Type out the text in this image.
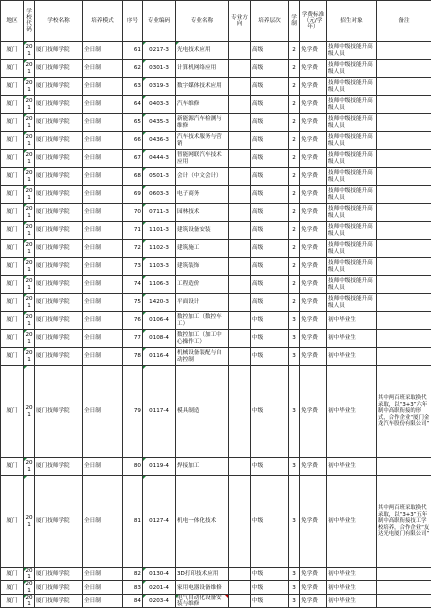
地区	学校代码	学校名称	培养模式	序号	专业编码	专业名称	专业方向	培养层次	学制	学费标准（元/学年）	招生对象	备注
厦门	201	厦门技师学院	全日制	61	0217-3	光电技术应用		高级	2	免学费	技师中级技能升高级人员	
厦门	201	厦门技师学院	全日制	62	0301-3	计算机网络应用		高级	2	免学费	技师中级技能升高级人员	
厦门	201	厦门技师学院	全日制	63	0319-3	数字媒体技术应用		高级	2	免学费	技师中级技能升高级人员	
厦门	201	厦门技师学院	全日制	64	0403-3	汽车维修		高级	2	免学费	技师中级技能升高级人员	
厦门	201	厦门技师学院	全日制	65	0435-3	新能源汽车检测与维修		高级	2	免学费	技师中级技能升高级人员	
厦门	201	厦门技师学院	全日制	66	0436-3	汽车技术服务与营销		高级	2	免学费	技师中级技能升高级人员	
厦门	201	厦门技师学院	全日制	67	0444-3	智能网联汽车技术应用		高级	2	免学费	技师中级技能升高级人员	
厦门	201	厦门技师学院	全日制	68	0501-3	会计（中文会计）		高级	2	免学费	技师中级技能升高级人员	
厦门	201	厦门技师学院	全日制	69	0603-3	电子商务		高级	2	免学费	技师中级技能升高级人员	
厦门	201	厦门技师学院	全日制	70	0711-3	园林技术		高级	2	免学费	技师中级技能升高级人员	
厦门	201	厦门技师学院	全日制	71	1101-3	建筑设备安装		高级	2	免学费	技师中级技能升高级人员	
厦门	201	厦门技师学院	全日制	72	1102-3	建筑施工		高级	2	免学费	技师中级技能升高级人员	
厦门	201	厦门技师学院	全日制	73	1103-3	建筑装饰		高级	2	免学费	技师中级技能升高级人员	
厦门	201	厦门技师学院	全日制	74	1106-3	工程造价		高级	2	免学费	技师中级技能升高级人员	
厦门	201	厦门技师学院	全日制	75	1420-3	平面设计		高级	2	免学费	技师中级技能升高级人员	
厦门	201	厦门技师学院	全日制	76	0106-4	数控加工（数控车工）		中级	3	免学费	初中毕业生	
厦门	201	厦门技师学院	全日制	77	0108-4	数控加工（加工中心操作工）		中级	3	免学费	初中毕业生	
厦门	201	厦门技师学院	全日制	78	0116-4	机械设备装配与自动控制		中级	3	免学费	初中毕业生	
厦门	201	厦门技师学院	全日制	79	0117-4	模具制造		中级	3	免学费	初中毕业生	其中两百班采取换代录取，以“3+3”六年制中高职衔接的形式，合作企业“厦门金龙汽车股份有限公司”
厦门	201	厦门技师学院	全日制	80	0119-4	焊接加工		中级	3	免学费	初中毕业生	
厦门	201	厦门技师学院	全日制	81	0127-4	机电一体化技术		中级	3	免学费	初中毕业生	其中两百班采取换代录取，以“3+3”五年制中高职衔接技工学校培养，合作企业“友达光电厦门有限公司”
厦门	201	厦门技师学院	全日制	82	0130-4	3D打印技术应用		中级	3	免学费	初中毕业生	
厦门	201	厦门技师学院	全日制	83	0201-4	家用电器设备维修		中级	3	免学费	初中毕业生	
厦门	201	厦门技师学院	全日制	84	0203-4	电气自动化设备安装与维修		中级	3	免学费	初中毕业生	
